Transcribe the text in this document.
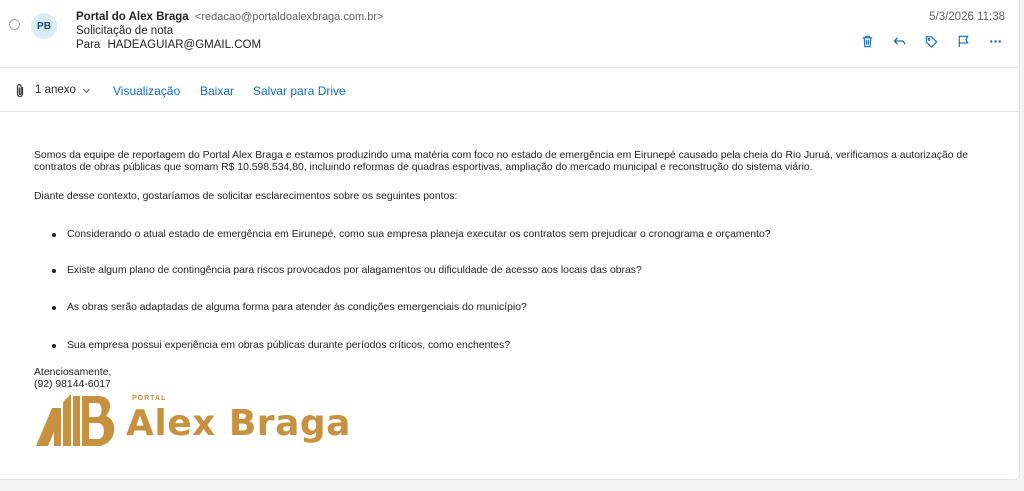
PB
Portal do Alex Braga <redacao@portaldoalexbraga.com.br>
Solicitação de nota
Para HADEAGUIAR@GMAIL.COM
5/3/2026 11:38
1 anexo	Visualização Baixar Salvar para Drive
Somos da equipe de reportagem do Portal Alex Braga e estamos produzindo uma matéria com foco no estado de emergência em Eirunepé causado pela cheia do Rio Juruá, verificamos a autorização de contratos de obras públicas que somam R$ 10.598.534,80, incluindo reformas de quadras esportivas, ampliação do mercado municipal e reconstrução do sistema viário.
Diante desse contexto, gostaríamos de solicitar esclarecimentos sobre os seguintes pontos:
Considerando o atual estado de emergência em Eirunepé, como sua empresa planeja executar os contratos sem prejudicar o cronograma e orçamento?
Existe algum plano de contingência para riscos provocados por alagamentos ou dificuldade de acesso aos locais das obras?
As obras serão adaptadas de alguma forma para atender às condições emergenciais do município?
Sua empresa possui experiência em obras públicas durante períodos críticos, como enchentes?
Atenciosamente,
(92) 98144-6017
PORTAL
Alex Braga
